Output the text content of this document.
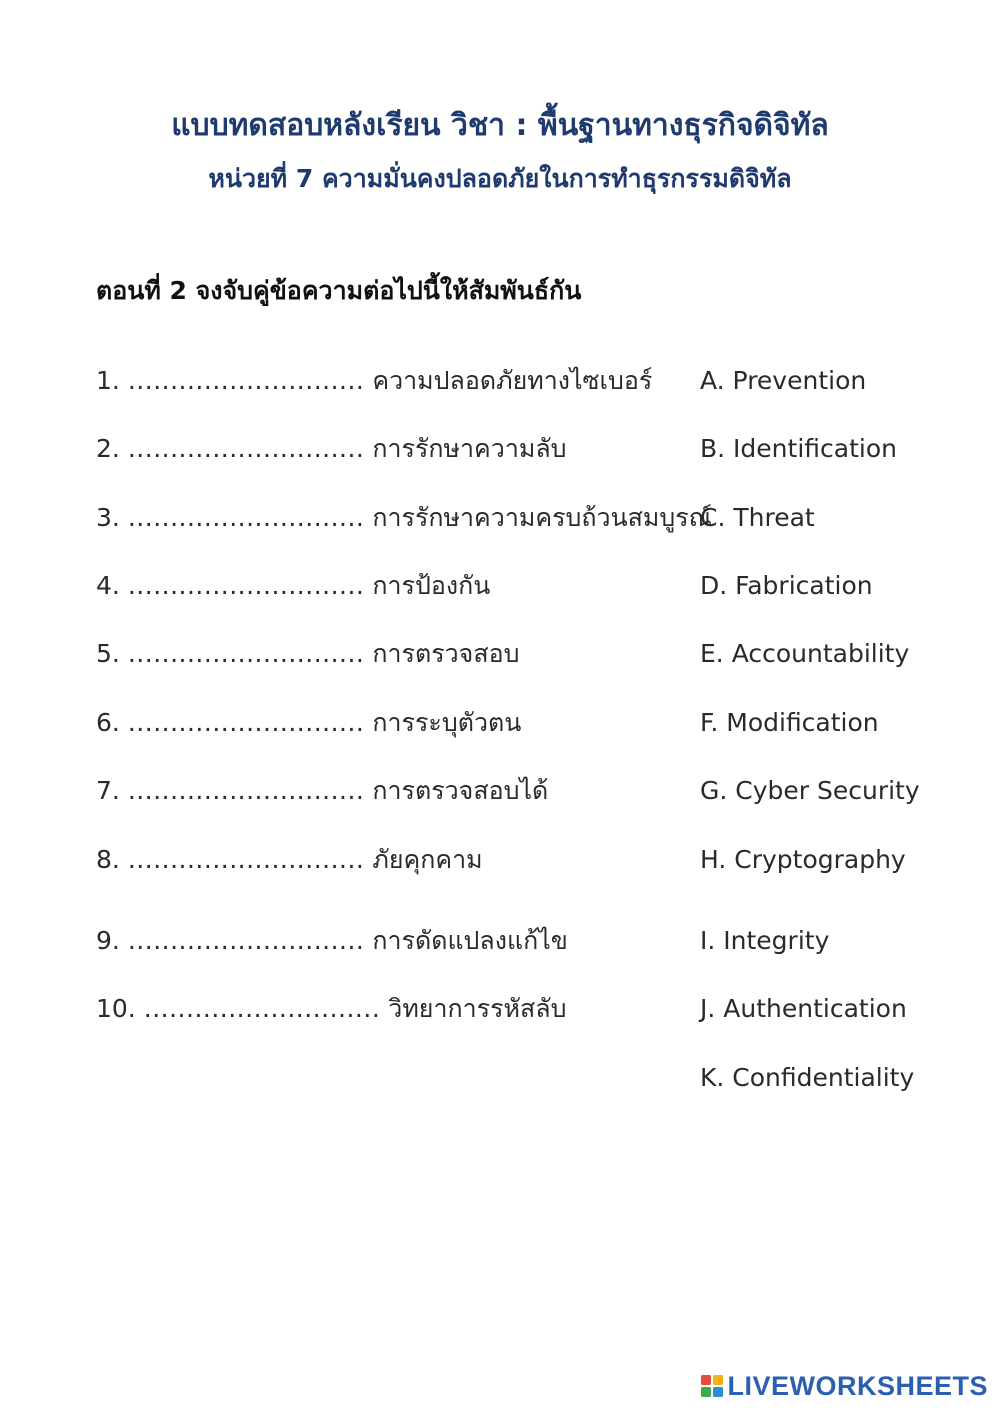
แบบทดสอบหลังเรียน วิชา : พื้นฐานทางธุรกิจดิจิทัล
หน่วยที่ 7 ความมั่นคงปลอดภัยในการทำธุรกรรมดิจิทัล
ตอนที่ 2 จงจับคู่ข้อความต่อไปนี้ให้สัมพันธ์กัน
1. ............................ ความปลอดภัยทางไซเบอร์
2. ............................ การรักษาความลับ
3. ............................ การรักษาความครบถ้วนสมบูรณ์
4. ............................ การป้องกัน
5. ............................ การตรวจสอบ
6. ............................ การระบุตัวตน
7. ............................ การตรวจสอบได้
8. ............................ ภัยคุกคาม
9. ............................ การดัดแปลงแก้ไข
10. ............................ วิทยาการรหัสลับ
A. Prevention
B. Identification
C. Threat
D. Fabrication
E. Accountability
F. Modification
G. Cyber Security
H. Cryptography
I. Integrity
J. Authentication
K. Confidentiality
LIVEWORKSHEETS
